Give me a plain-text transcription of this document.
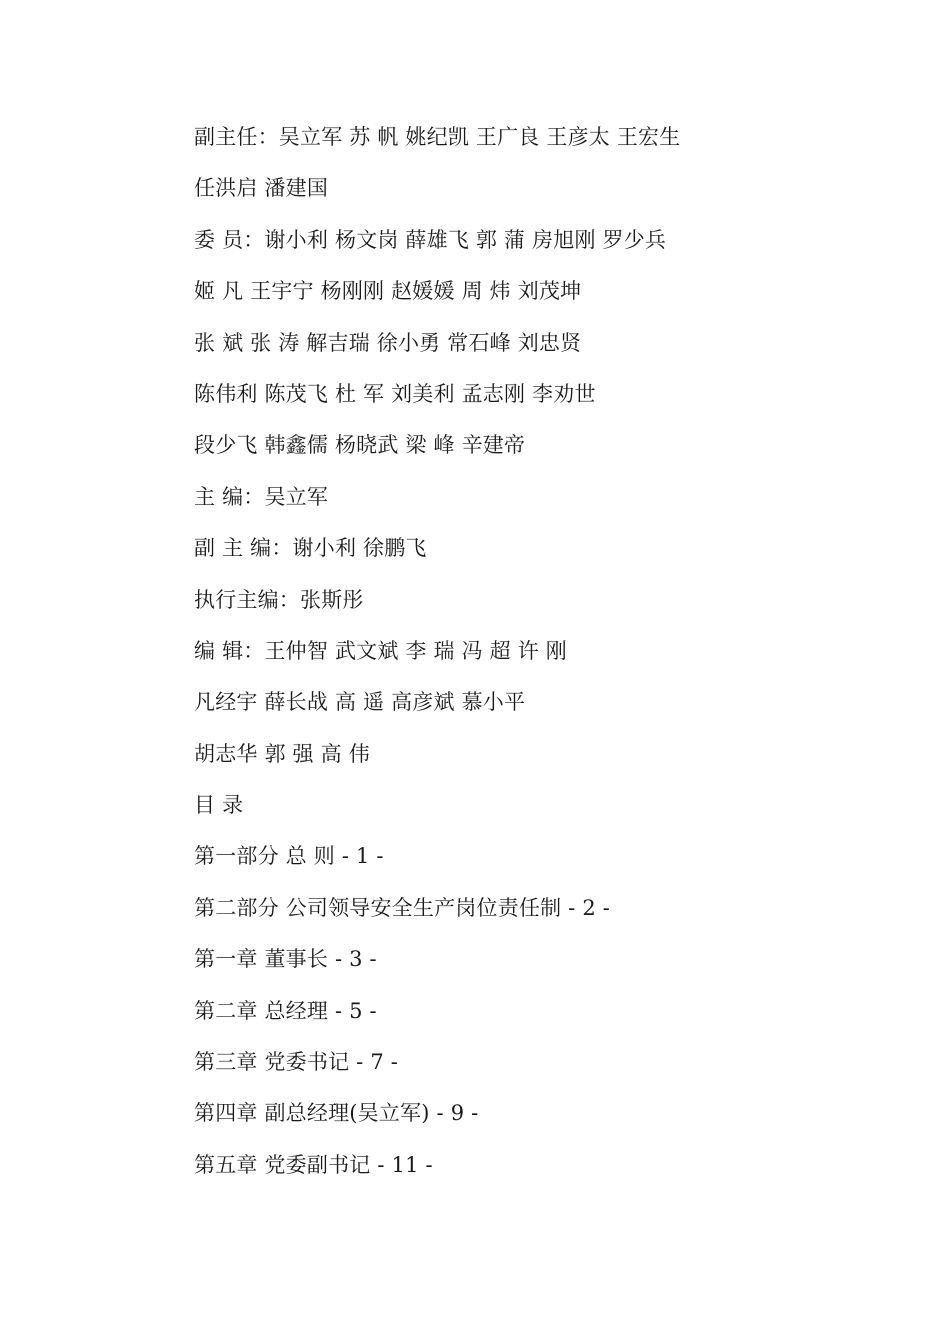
副主任：吴立军 苏 帆 姚纪凯 王广良 王彦太 王宏生
任洪启 潘建国
委 员：谢小利 杨文岗 薛雄飞 郭 蒲 房旭刚 罗少兵
姬 凡 王宇宁 杨刚刚 赵媛媛 周 炜 刘茂坤
张 斌 张 涛 解吉瑞 徐小勇 常石峰 刘忠贤
陈伟利 陈茂飞 杜 军 刘美利 孟志刚 李劝世
段少飞 韩鑫儒 杨晓武 梁 峰 辛建帝
主 编：吴立军
副 主 编：谢小利 徐鹏飞
执行主编：张斯彤
编 辑：王仲智 武文斌 李 瑞 冯 超 许 刚
凡经宇 薛长战 高 遥 高彦斌 慕小平
胡志华 郭 强 高 伟
目 录
第一部分 总 则 - 1 -
第二部分 公司领导安全生产岗位责任制 - 2 -
第一章 董事长 - 3 -
第二章 总经理 - 5 -
第三章 党委书记 - 7 -
第四章 副总经理(吴立军) - 9 -
第五章 党委副书记 - 11 -
